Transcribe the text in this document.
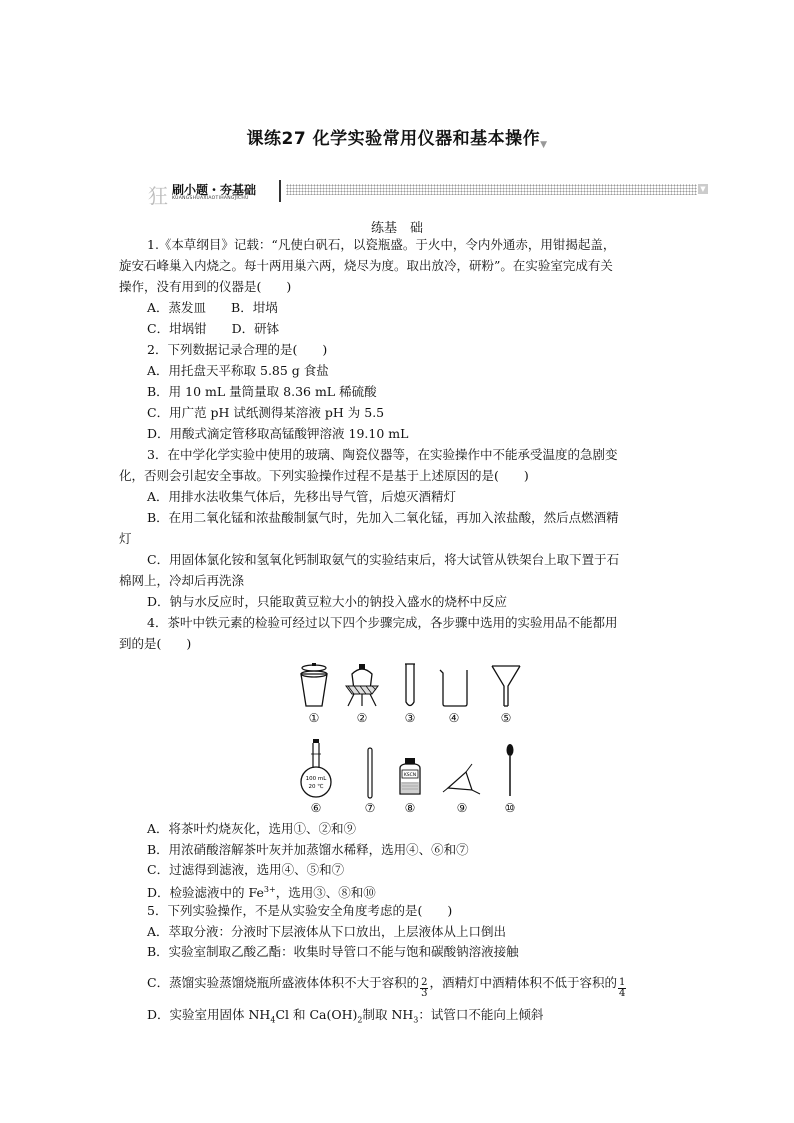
课练27 化学实验常用仪器和基本操作▼
狂 刷小题・夯基础
KUANGSHUAXIAOTIHANGJICHU
▼
练基　础
1.《本草纲目》记载：“凡使白矾石，以瓷瓶盛。于火中，令内外通赤，用钳揭起盖，
旋安石峰巢入内烧之。每十两用巢六两，烧尽为度。取出放冷，研粉”。在实验室完成有关
操作，没有用到的仪器是(　　)
A．蒸发皿　　B．坩埚
C．坩埚钳　　D．研钵
2．下列数据记录合理的是(　　)
A．用托盘天平称取 5.85 g 食盐
B．用 10 mL 量筒量取 8.36 mL 稀硫酸
C．用广范 pH 试纸测得某溶液 pH 为 5.5
D．用酸式滴定管移取高锰酸钾溶液 19.10 mL
3．在中学化学实验中使用的玻璃、陶瓷仪器等，在实验操作中不能承受温度的急剧变
化，否则会引起安全事故。下列实验操作过程不是基于上述原因的是(　　)
A．用排水法收集气体后，先移出导气管，后熄灭酒精灯
B．在用二氧化锰和浓盐酸制氯气时，先加入二氧化锰，再加入浓盐酸，然后点燃酒精
灯
C．用固体氯化铵和氢氧化钙制取氨气的实验结束后，将大试管从铁架台上取下置于石
棉网上，冷却后再洗涤
D．钠与水反应时，只能取黄豆粒大小的钠投入盛水的烧杯中反应
4．茶叶中铁元素的检验可经过以下四个步骤完成，各步骤中选用的实验用品不能都用
到的是(　　)
①	②	③	④	⑤
100 mL
20 ℃
⑥	⑦
KSCN
⑧	⑨	⑩
A．将茶叶灼烧灰化，选用①、②和⑨
B．用浓硝酸溶解茶叶灰并加蒸馏水稀释，选用④、⑥和⑦
C．过滤得到滤液，选用④、⑤和⑦
D．检验滤液中的 $Fe^{3+}$，选用③、⑧和⑩
5．下列实验操作，不是从实验安全角度考虑的是(　　)
A．萃取分液：分液时下层液体从下口放出，上层液体从上口倒出
B．实验室制取乙酸乙酯：收集时导管口不能与饱和碳酸钠溶液接触
C．蒸馏实验蒸馏烧瓶所盛液体体积不大于容积的 $\frac{2}{3}$ ，酒精灯中酒精体积不低于容积的 $\frac{1}{4}$
D．实验室用固体 $NH_4Cl$ 和 $Ca(OH)_2$制取 $NH_3$：试管口不能向上倾斜
